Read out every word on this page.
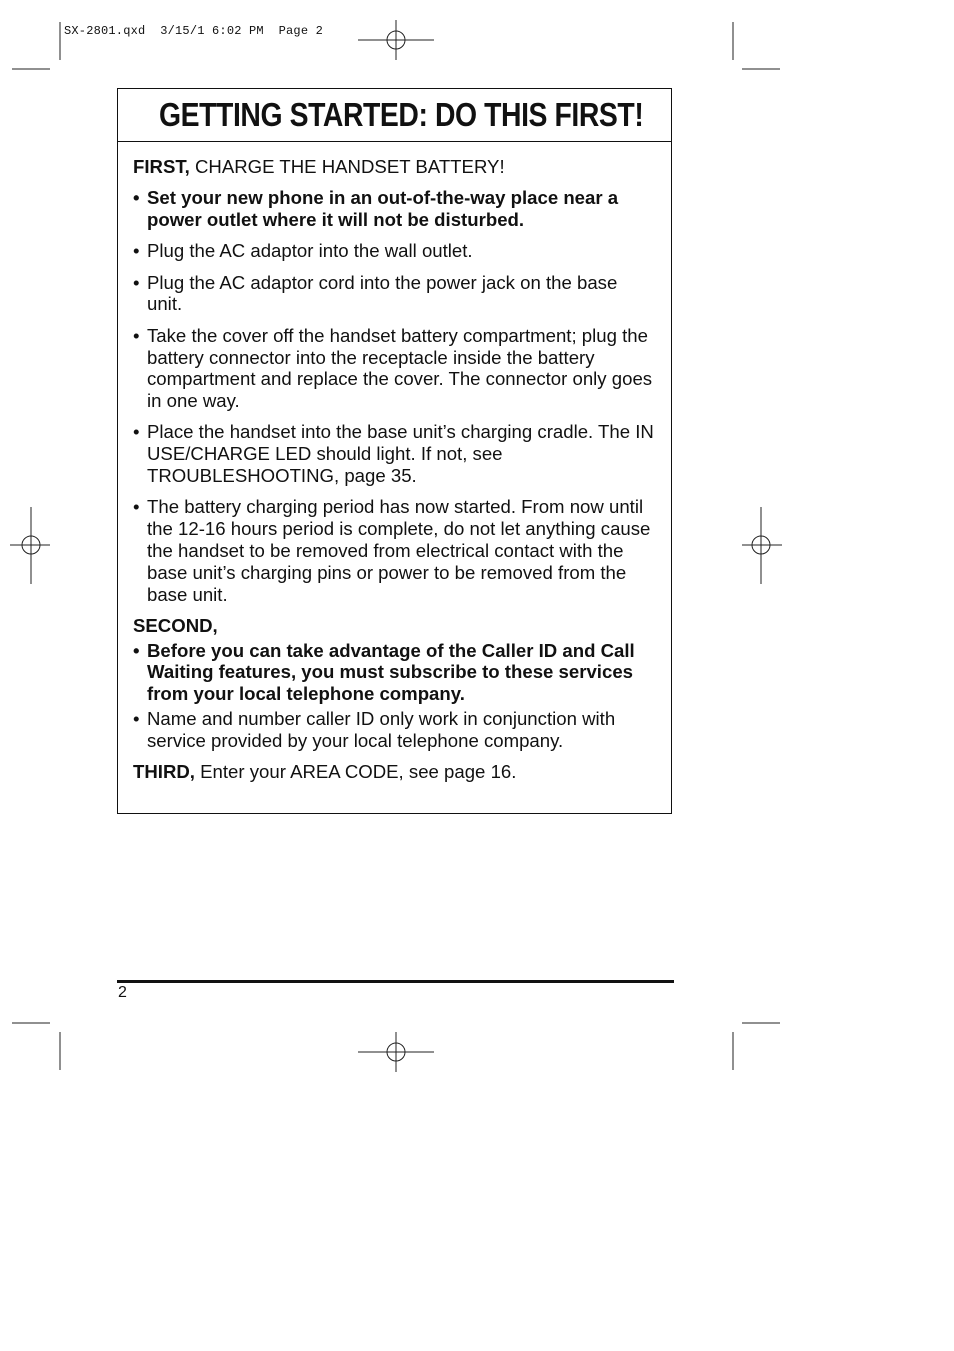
SX-2801.qxd  3/15/1 6:02 PM  Page 2
GETTING STARTED: DO THIS FIRST!

FIRST, CHARGE THE HANDSET BATTERY!

• Set your new phone in an out-of-the-way place near a power outlet where it will not be disturbed.
• Plug the AC adaptor into the wall outlet.
• Plug the AC adaptor cord into the power jack on the base unit.
• Take the cover off the handset battery compartment; plug the battery connector into the receptacle inside the battery compartment and replace the cover. The connector only goes in one way.
• Place the handset into the base unit’s charging cradle. The IN USE/CHARGE LED should light. If not, see TROUBLESHOOTING, page 35.
• The battery charging period has now started. From now until the 12-16 hours period is complete, do not let anything cause the handset to be removed from electrical contact with the base unit’s charging pins or power to be removed from the base unit.

SECOND,

• Before you can take advantage of the Caller ID and Call Waiting features, you must subscribe to these services from your local telephone company.
• Name and number caller ID only work in conjunction with service provided by your local telephone company.

THIRD, Enter your AREA CODE, see page 16.

2
